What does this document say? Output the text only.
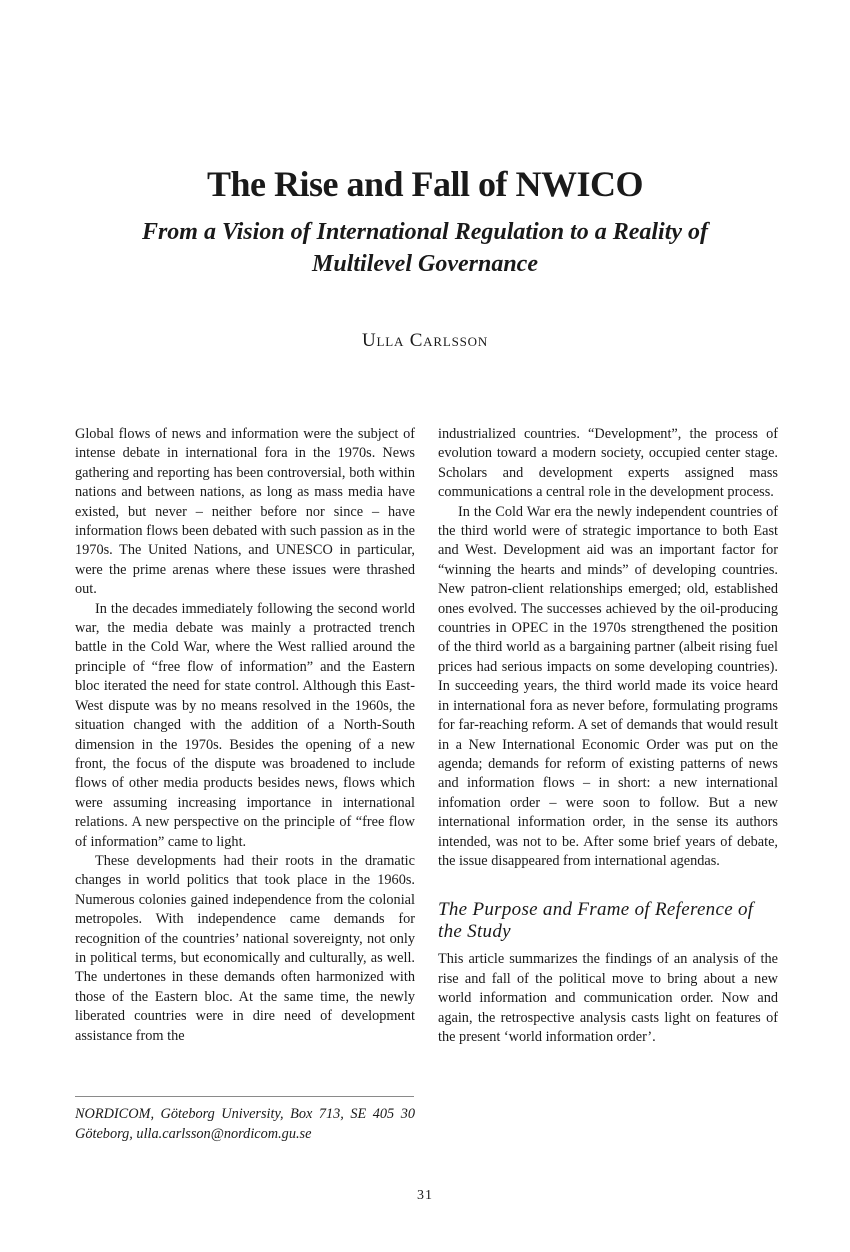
The Rise and Fall of NWICO
From a Vision of International Regulation to a Reality of Multilevel Governance
Ulla Carlsson

Global flows of news and information were the subject of intense debate in international fora in the 1970s. News gathering and reporting has been controversial, both within nations and between nations, as long as mass media have existed, but never – neither before nor since – have information flows been debated with such passion as in the 1970s. The United Nations, and UNESCO in particular, were the prime arenas where these issues were thrashed out.

In the decades immediately following the second world war, the media debate was mainly a protracted trench battle in the Cold War, where the West rallied around the principle of “free flow of information” and the Eastern bloc iterated the need for state control. Although this East-West dispute was by no means resolved in the 1960s, the situation changed with the addition of a North-South dimension in the 1970s. Besides the opening of a new front, the focus of the dispute was broadened to include flows of other media products besides news, flows which were assuming increasing importance in international relations. A new perspective on the principle of “free flow of information” came to light.

These developments had their roots in the dramatic changes in world politics that took place in the 1960s. Numerous colonies gained independence from the colonial metropoles. With independence came demands for recognition of the countries’ national sovereignty, not only in political terms, but economically and culturally, as well. The undertones in these demands often harmonized with those of the Eastern bloc. At the same time, the newly liberated countries were in dire need of development assistance from the

industrialized countries. “Development”, the process of evolution toward a modern society, occupied center stage. Scholars and development experts assigned mass communications a central role in the development process.

In the Cold War era the newly independent countries of the third world were of strategic importance to both East and West. Development aid was an important factor for “winning the hearts and minds” of developing countries. New patron-client relationships emerged; old, established ones evolved. The successes achieved by the oil-producing countries in OPEC in the 1970s strengthened the position of the third world as a bargaining partner (albeit rising fuel prices had serious impacts on some developing countries). In succeeding years, the third world made its voice heard in international fora as never before, formulating programs for far-reaching reform. A set of demands that would result in a New International Economic Order was put on the agenda; demands for reform of existing patterns of news and information flows – in short: a new international infomation order – were soon to follow. But a new international information order, in the sense its authors intended, was not to be. After some brief years of debate, the issue disappeared from international agendas.

The Purpose and Frame of Reference of the Study

This article summarizes the findings of an analysis of the rise and fall of the political move to bring about a new world information and communication order. Now and again, the retrospective analysis casts light on features of the present ‘world information order’.

NORDICOM, Göteborg University, Box 713, SE 405 30 Göteborg, ulla.carlsson@nordicom.gu.se
31
